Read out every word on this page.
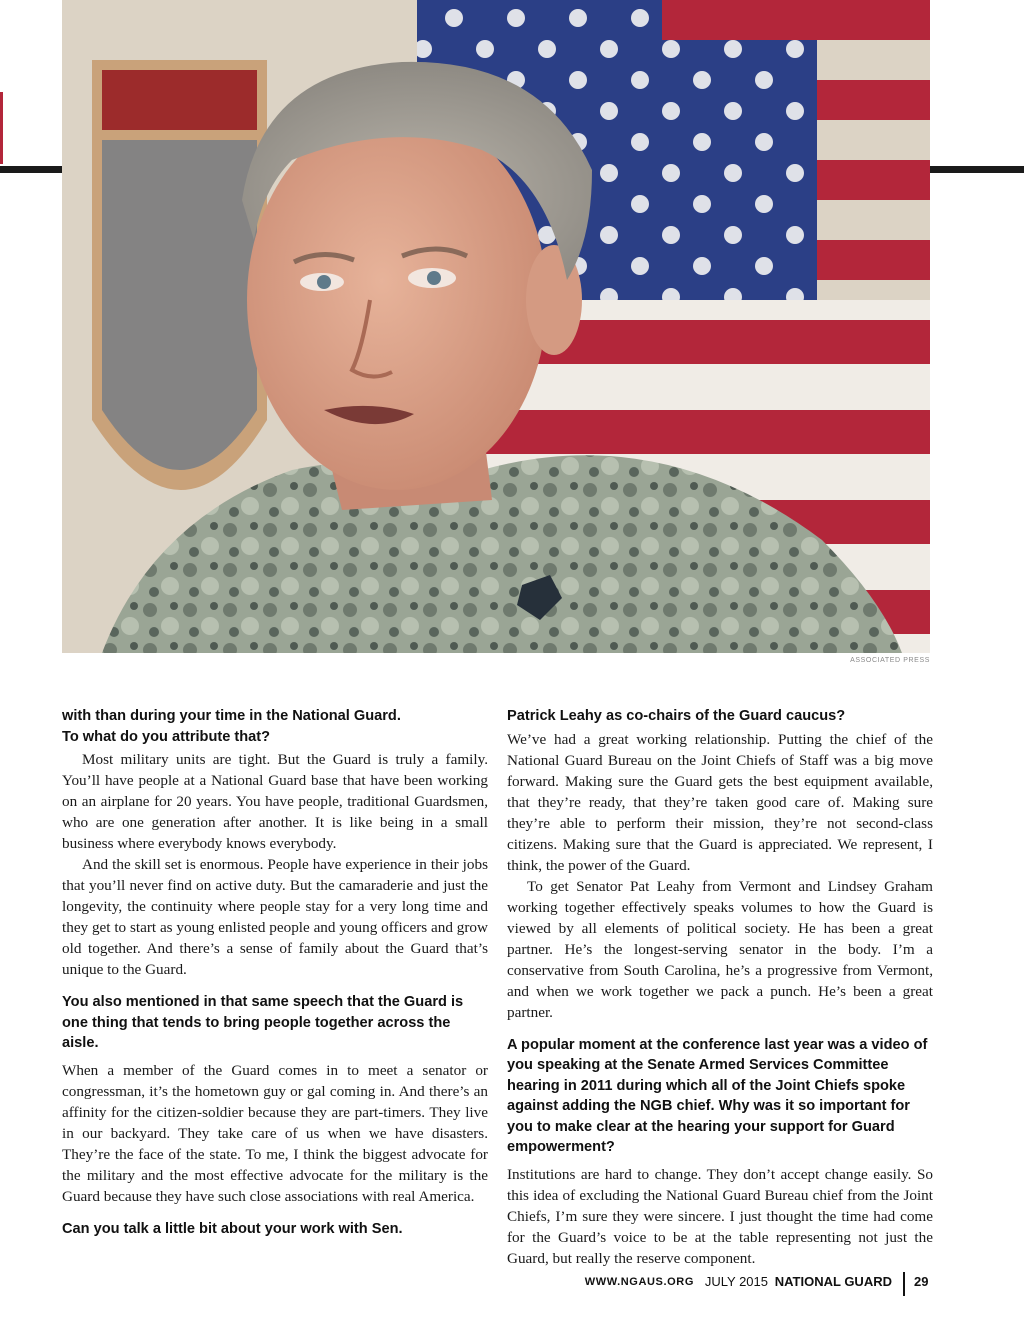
ASSOCIATED PRESS

with than during your time in the National Guard.
To what do you attribute that?

Most military units are tight. But the Guard is truly a family. You’ll have people at a National Guard base that have been working on an airplane for 20 years. You have people, traditional Guardsmen, who are one generation after another. It is like being in a small business where everybody knows everybody.

And the skill set is enormous. People have experience in their jobs that you’ll never find on active duty. But the camaraderie and just the longevity, the continuity where people stay for a very long time and they get to start as young enlisted people and young officers and grow old together. And there’s a sense of family about the Guard that’s unique to the Guard.

You also mentioned in that same speech that the Guard is one thing that tends to bring people together across the aisle.

When a member of the Guard comes in to meet a senator or congressman, it’s the hometown guy or gal coming in. And there’s an affinity for the citizen-soldier because they are part-timers. They live in our backyard. They take care of us when we have disasters. They’re the face of the state. To me, I think the biggest advocate for the military and the most effective advocate for the military is the Guard because they have such close associations with real America.

Can you talk a little bit about your work with Sen.

Patrick Leahy as co-chairs of the Guard caucus?

We’ve had a great working relationship. Putting the chief of the National Guard Bureau on the Joint Chiefs of Staff was a big move forward. Making sure the Guard gets the best equipment available, that they’re ready, that they’re taken good care of. Making sure they’re able to perform their mission, they’re not second-class citizens. Making sure that the Guard is appreciated. We represent, I think, the power of the Guard.

To get Senator Pat Leahy from Vermont and Lindsey Graham working together effectively speaks volumes to how the Guard is viewed by all elements of political society. He has been a great partner. He’s the longest-serving senator in the body. I’m a conservative from South Carolina, he’s a progressive from Vermont, and when we work together we pack a punch. He’s been a great partner.

A popular moment at the conference last year was a video of you speaking at the Senate Armed Services Committee hearing in 2011 during which all of the Joint Chiefs spoke against adding the NGB chief. Why was it so important for you to make clear at the hearing your support for Guard empowerment?

Institutions are hard to change. They don’t accept change easily. So this idea of excluding the National Guard Bureau chief from the Joint Chiefs, I’m sure they were sincere. I just thought the time had come for the Guard’s voice to be at the table representing not just the Guard, but really the reserve component.

WWW.NGAUS.ORG JULY 2015 NATIONAL GUARD 29
